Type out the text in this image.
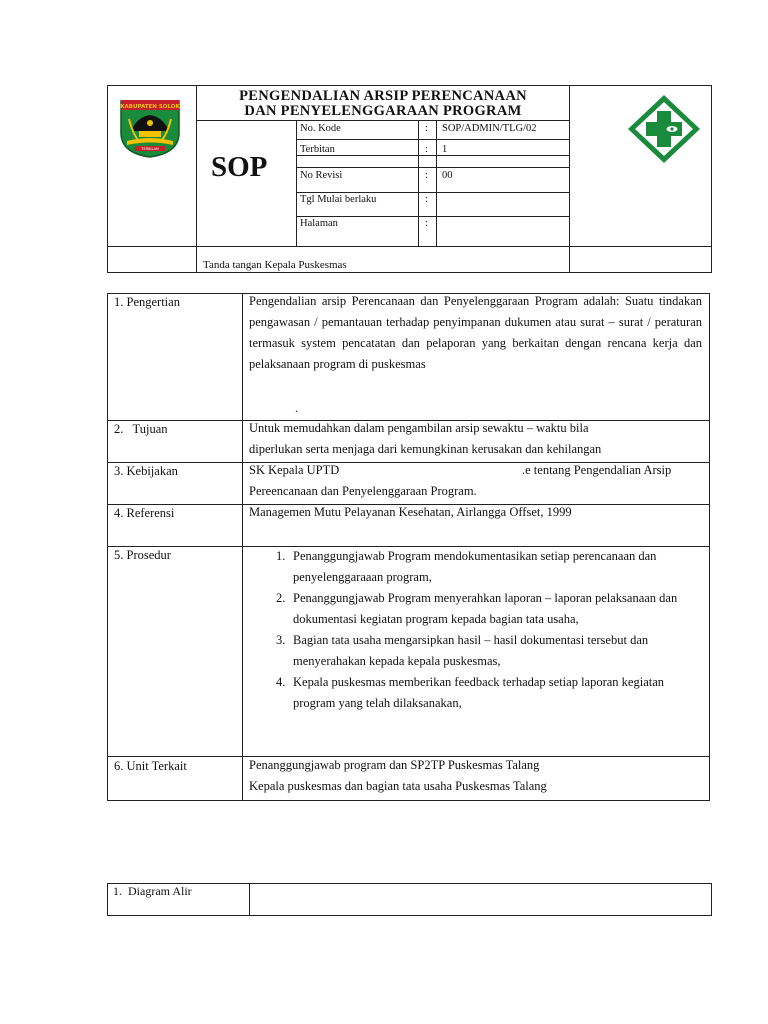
KABUPATEN SOLOK
TERBILAN
PENGENDALIAN ARSIP PERENCANAAN
DAN PENYELENGGARAAN PROGRAM
SOP
No. Kode	: SOP/ADMIN/TLG/02
Terbitan	: 1
No Revisi	: 00
Tgl Mulai berlaku	:
Halaman	:
Tanda tangan Kepala Puskesmas
1. Pengertian	Pengendalian arsip Perencanaan dan Penyelenggaraan Program adalah: Suatu tindakan pengawasan / pemantauan terhadap penyimpanan dukumen atau surat – surat / peraturan termasuk system pencatatan dan pelaporan yang berkaitan dengan rencana kerja dan pelaksanaan program di puskesmas
.
2.   Tujuan	Untuk memudahkan dalam pengambilan arsip sewaktu – waktu bila
diperlukan serta menjaga dari kemungkinan kerusakan dan kehilangan
3. Kebijakan	SK Kepala UPTD	.e tentang Pengendalian Arsip
Pereencanaan dan Penyelenggaraan Program.
4. Referensi	Managemen Mutu Pelayanan Kesehatan, Airlangga Offset, 1999
5. Prosedur	1. Penanggungjawab Program mendokumentasikan setiap perencanaan dan penyelenggaraaan program,
2. Penanggungjawab Program menyerahkan laporan – laporan pelaksanaan dan dokumentasi kegiatan program kepada bagian tata usaha,
3. Bagian tata usaha mengarsipkan hasil – hasil dokumentasi tersebut dan menyerahakan kepada kepala puskesmas,
4. Kepala puskesmas memberikan feedback terhadap setiap laporan kegiatan program yang telah dilaksanakan,
6. Unit Terkait	Penanggungjawab program dan SP2TP Puskesmas Talang
Kepala puskesmas dan bagian tata usaha Puskesmas Talang
1.  Diagram Alir
